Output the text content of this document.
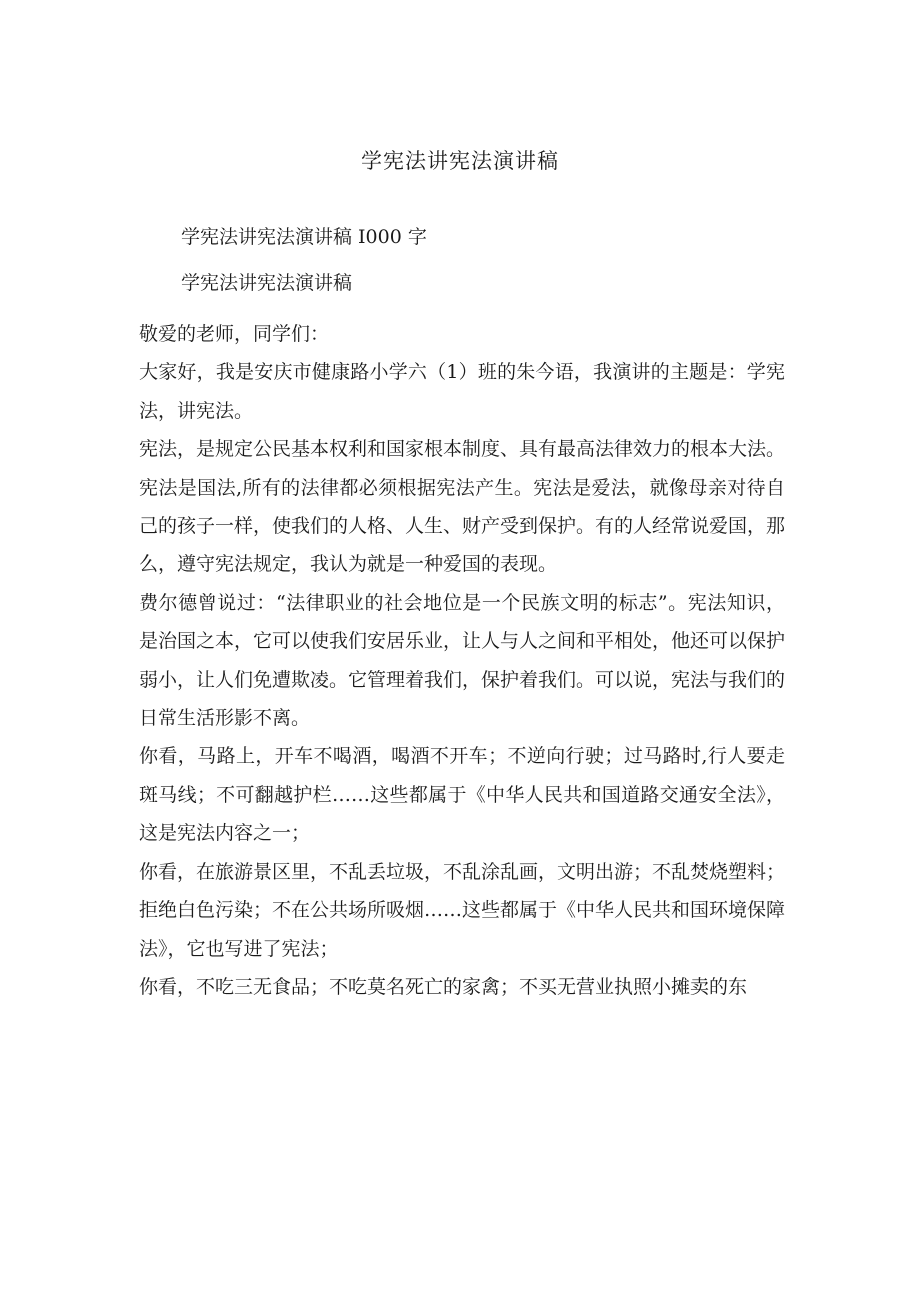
学宪法讲宪法演讲稿
学宪法讲宪法演讲稿 I000 字
学宪法讲宪法演讲稿

敬爱的老师，同学们：

大家好，我是安庆市健康路小学六（1）班的朱今语，我演讲的主题是：学宪法，讲宪法。

宪法，是规定公民基本权利和国家根本制度、具有最高法律效力的根本大法。宪法是国法,所有的法律都必须根据宪法产生。宪法是爱法，就像母亲对待自己的孩子一样，使我们的人格、人生、财产受到保护。有的人经常说爱国，那么，遵守宪法规定，我认为就是一种爱国的表现。

费尔德曾说过：“法律职业的社会地位是一个民族文明的标志”。宪法知识，是治国之本，它可以使我们安居乐业，让人与人之间和平相处，他还可以保护弱小，让人们免遭欺凌。它管理着我们，保护着我们。可以说，宪法与我们的日常生活形影不离。

你看，马路上，开车不喝酒，喝酒不开车；不逆向行驶；过马路时,行人要走斑马线；不可翻越护栏……这些都属于《中华人民共和国道路交通安全法》，这是宪法内容之一；

你看，在旅游景区里，不乱丢垃圾，不乱涂乱画，文明出游；不乱焚烧塑料；拒绝白色污染；不在公共场所吸烟……这些都属于《中华人民共和国环境保障法》，它也写进了宪法；

你看，不吃三无食品；不吃莫名死亡的家禽；不买无营业执照小摊卖的东
